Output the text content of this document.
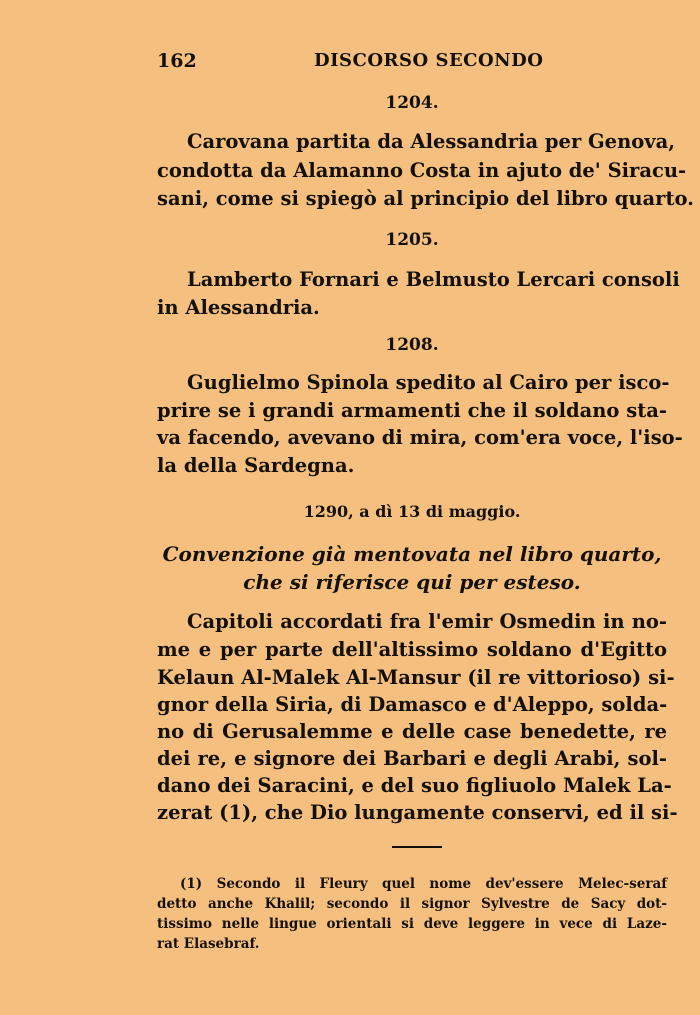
162	DISCORSO SECONDO
1204.
Carovana partita da Alessandria per Genova,
condotta da Alamanno Costa in ajuto de' Siracu-
sani, come si spiegò al principio del libro quarto.
1205.
Lamberto Fornari e Belmusto Lercari consoli
in Alessandria.
1208.
Guglielmo Spinola spedito al Cairo per isco-
prire se i grandi armamenti che il soldano sta-
va facendo, avevano di mira, com'era voce, l'iso-
la della Sardegna.
1290, a dì 13 di maggio.
Convenzione già mentovata nel libro quarto,
che si riferisce qui per esteso.
Capitoli accordati fra l'emir Osmedin in no-
me e per parte dell'altissimo soldano d'Egitto
Kelaun Al-Malek Al-Mansur (il re vittorioso) si-
gnor della Siria, di Damasco e d'Aleppo, solda-
no di Gerusalemme e delle case benedette, re
dei re, e signore dei Barbari e degli Arabi, sol-
dano dei Saracini, e del suo figliuolo Malek La-
zerat (1), che Dio lungamente conservi, ed il si-
(1) Secondo il Fleury quel nome dev'essere Melec-seraf
detto anche Khalil; secondo il signor Sylvestre de Sacy dot-
tissimo nelle lingue orientali si deve leggere in vece di Laze-
rat Elasebraf.
